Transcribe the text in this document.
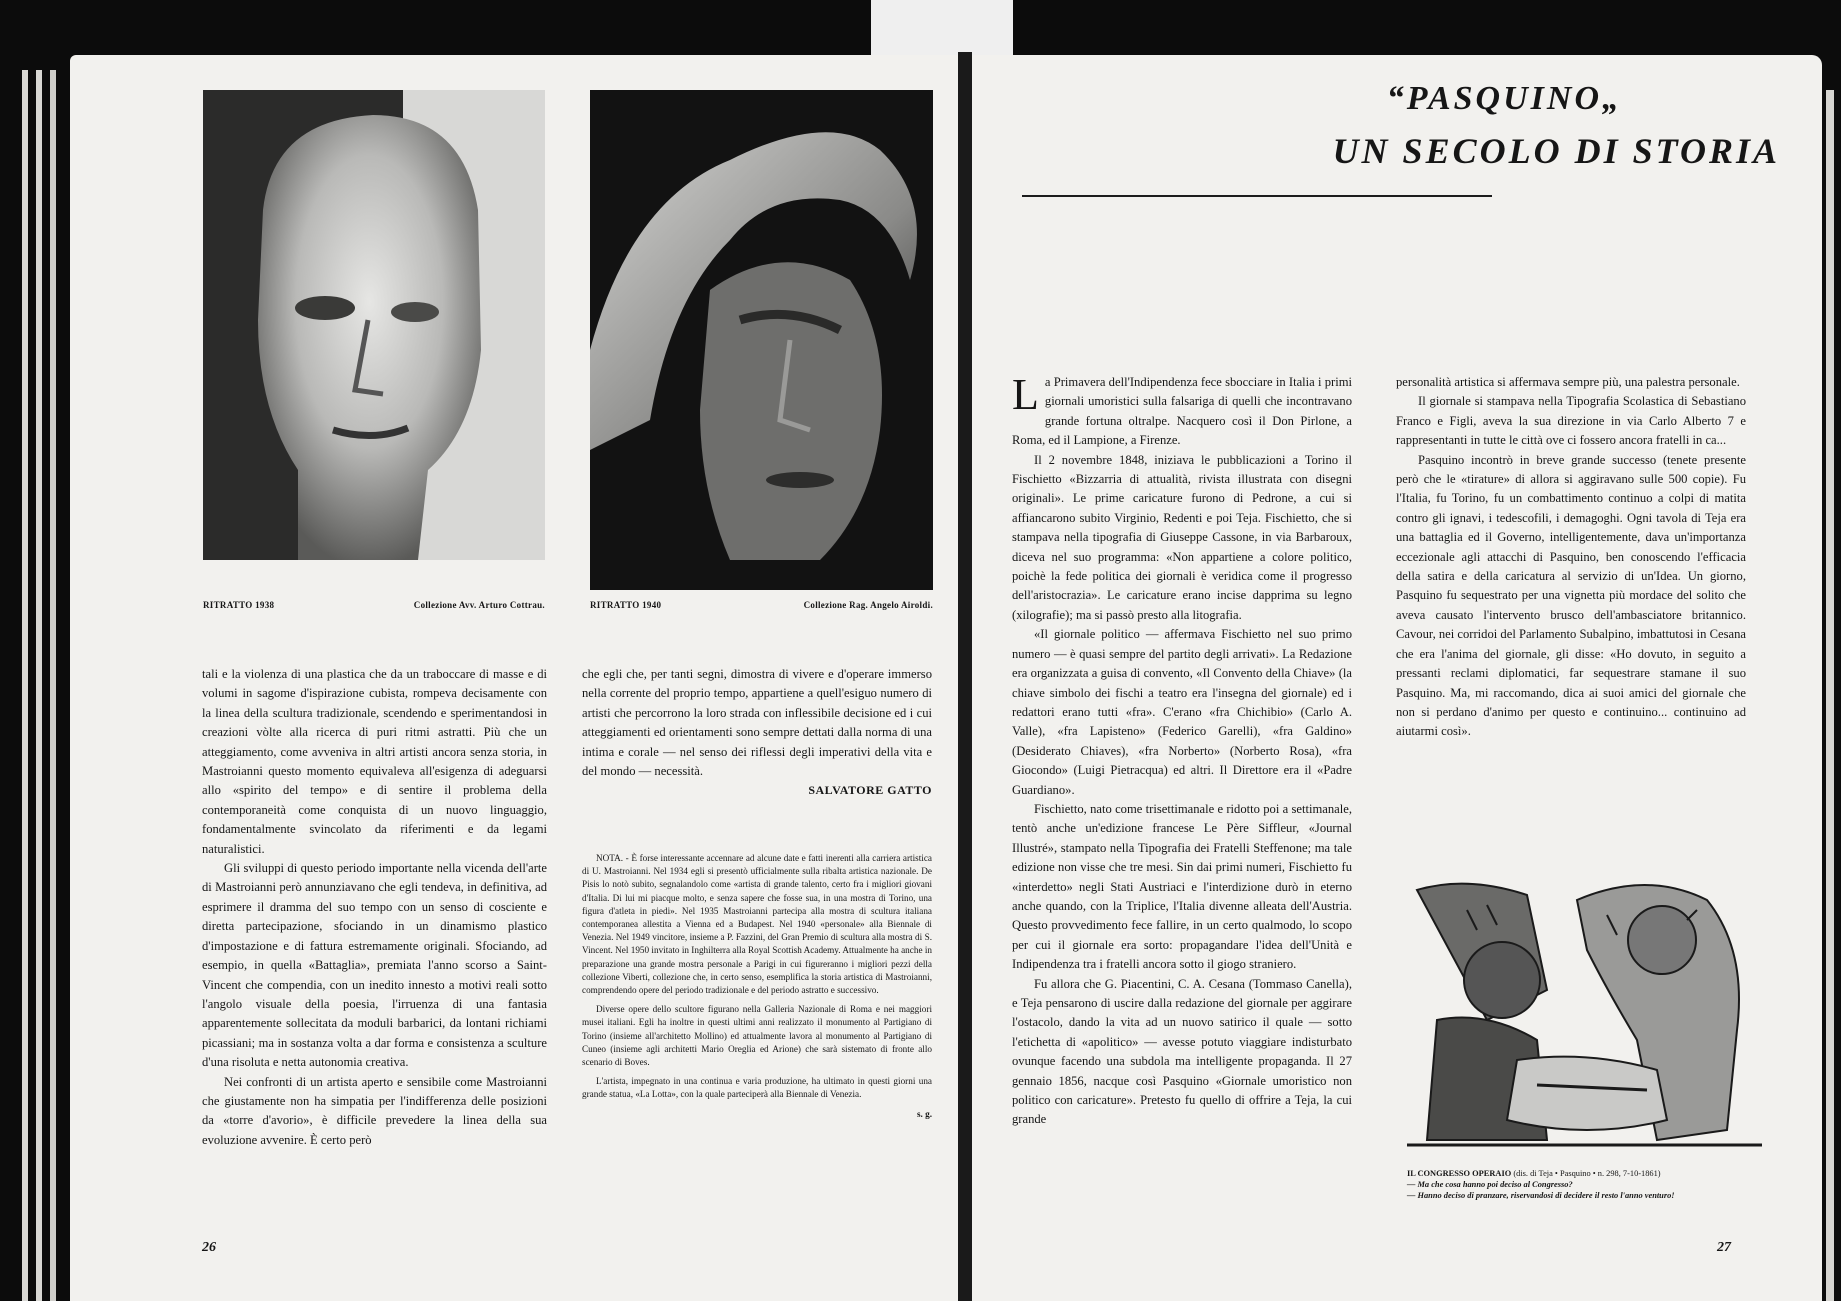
RITRATTO 1938	Collezione Avv. Arturo Cottrau.	RITRATTO 1940	Collezione Rag. Angelo Airoldi.

tali e la violenza di una plastica che da un traboccare di masse e di volumi in sagome d'ispirazione cubista, rompeva decisamente con la linea della scultura tradizionale, scendendo e sperimentandosi in creazioni vòlte alla ricerca di puri ritmi astratti. Più che un atteggiamento, come avveniva in altri artisti ancora senza storia, in Mastroianni questo momento equivaleva all'esigenza di adeguarsi allo «spirito del tempo» e di sentire il problema della contemporaneità come conquista di un nuovo linguaggio, fondamentalmente svincolato da riferimenti e da legami naturalistici.

Gli sviluppi di questo periodo importante nella vicenda dell'arte di Mastroianni però annunziavano che egli tendeva, in definitiva, ad esprimere il dramma del suo tempo con un senso di cosciente e diretta partecipazione, sfociando in un dinamismo plastico d'impostazione e di fattura estremamente originali. Sfociando, ad esempio, in quella «Battaglia», premiata l'anno scorso a Saint-Vincent che compendia, con un inedito innesto a motivi reali sotto l'angolo visuale della poesia, l'irruenza di una fantasia apparentemente sollecitata da moduli barbarici, da lontani richiami picassiani; ma in sostanza volta a dar forma e consistenza a sculture d'una risoluta e netta autonomia creativa.

Nei confronti di un artista aperto e sensibile come Mastroianni che giustamente non ha simpatia per l'indifferenza delle posizioni da «torre d'avorio», è difficile prevedere la linea della sua evoluzione avvenire. È certo però

che egli che, per tanti segni, dimostra di vivere e d'operare immerso nella corrente del proprio tempo, appartiene a quell'esiguo numero di artisti che percorrono la loro strada con inflessibile decisione ed i cui atteggiamenti ed orientamenti sono sempre dettati dalla norma di una intima e corale — nel senso dei riflessi degli imperativi della vita e del mondo — necessità.

SALVATORE GATTO

NOTA. - È forse interessante accennare ad alcune date e fatti inerenti alla carriera artistica di U. Mastroianni. Nel 1934 egli si presentò ufficialmente sulla ribalta artistica nazionale. De Pisis lo notò subito, segnalandolo come «artista di grande talento, certo fra i migliori giovani d'Italia. Di lui mi piacque molto, e senza sapere che fosse sua, in una mostra di Torino, una figura d'atleta in piedi». Nel 1935 Mastroianni partecipa alla mostra di scultura italiana contemporanea allestita a Vienna ed a Budapest. Nel 1940 «personale» alla Biennale di Venezia. Nel 1949 vincitore, insieme a P. Fazzini, del Gran Premio di scultura alla mostra di S. Vincent. Nel 1950 invitato in Inghilterra alla Royal Scottish Academy. Attualmente ha anche in preparazione una grande mostra personale a Parigi in cui figureranno i migliori pezzi della collezione Viberti, collezione che, in certo senso, esemplifica la storia artistica di Mastroianni, comprendendo opere del periodo tradizionale e del periodo astratto e successivo.

Diverse opere dello scultore figurano nella Galleria Nazionale di Roma e nei maggiori musei italiani. Egli ha inoltre in questi ultimi anni realizzato il monumento al Partigiano di Torino (insieme all'architetto Mollino) ed attualmente lavora al monumento al Partigiano di Cuneo (insieme agli architetti Mario Oreglia ed Arione) che sarà sistemato di fronte allo scenario di Boves.

L'artista, impegnato in una continua e varia produzione, ha ultimato in questi giorni una grande statua, «La Lotta», con la quale parteciperà alla Biennale di Venezia.

s. g.
26
“PASQUINO„
UN SECOLO DI STORIA

La Primavera dell'Indipendenza fece sbocciare in Italia i primi giornali umoristici sulla falsariga di quelli che incontravano grande fortuna oltralpe. Nacquero così il Don Pirlone, a Roma, ed il Lampione, a Firenze.

Il 2 novembre 1848, iniziava le pubblicazioni a Torino il Fischietto «Bizzarria di attualità, rivista illustrata con disegni originali». Le prime caricature furono di Pedrone, a cui si affiancarono subito Virginio, Redenti e poi Teja. Fischietto, che si stampava nella tipografia di Giuseppe Cassone, in via Barbaroux, diceva nel suo programma: «Non appartiene a colore politico, poichè la fede politica dei giornali è veridica come il progresso dell'aristocrazia». Le caricature erano incise dapprima su legno (xilografie); ma si passò presto alla litografia.

«Il giornale politico — affermava Fischietto nel suo primo numero — è quasi sempre del partito degli arrivati». La Redazione era organizzata a guisa di convento, «Il Convento della Chiave» (la chiave simbolo dei fischi a teatro era l'insegna del giornale) ed i redattori erano tutti «fra». C'erano «fra Chichibio» (Carlo A. Valle), «fra Lapisteno» (Federico Garelli), «fra Galdino» (Desiderato Chiaves), «fra Norberto» (Norberto Rosa), «fra Giocondo» (Luigi Pietracqua) ed altri. Il Direttore era il «Padre Guardiano».

Fischietto, nato come trisettimanale e ridotto poi a settimanale, tentò anche un'edizione francese Le Père Siffleur, «Journal Illustré», stampato nella Tipografia dei Fratelli Steffenone; ma tale edizione non visse che tre mesi. Sin dai primi numeri, Fischietto fu «interdetto» negli Stati Austriaci e l'interdizione durò in eterno anche quando, con la Triplice, l'Italia divenne alleata dell'Austria. Questo provvedimento fece fallire, in un certo qualmodo, lo scopo per cui il giornale era sorto: propagandare l'idea dell'Unità e Indipendenza tra i fratelli ancora sotto il giogo straniero.

Fu allora che G. Piacentini, C. A. Cesana (Tommaso Canella), e Teja pensarono di uscire dalla redazione del giornale per aggirare l'ostacolo, dando la vita ad un nuovo satirico il quale — sotto l'etichetta di «apolitico» — avesse potuto viaggiare indisturbato ovunque facendo una subdola ma intelligente propaganda. Il 27 gennaio 1856, nacque così Pasquino «Giornale umoristico non politico con caricature». Pretesto fu quello di offrire a Teja, la cui grande

personalità artistica si affermava sempre più, una palestra personale.

Il giornale si stampava nella Tipografia Scolastica di Sebastiano Franco e Figli, aveva la sua direzione in via Carlo Alberto 7 e rappresentanti in tutte le città ove ci fossero ancora fratelli in ca...

Pasquino incontrò in breve grande successo (tenete presente però che le «tirature» di allora si aggiravano sulle 500 copie). Fu l'Italia, fu Torino, fu un combattimento continuo a colpi di matita contro gli ignavi, i tedescofili, i demagoghi. Ogni tavola di Teja era una battaglia ed il Governo, intelligentemente, dava un'importanza eccezionale agli attacchi di Pasquino, ben conoscendo l'efficacia della satira e della caricatura al servizio di un'Idea. Un giorno, Pasquino fu sequestrato per una vignetta più mordace del solito che aveva causato l'intervento brusco dell'ambasciatore britannico. Cavour, nei corridoi del Parlamento Subalpino, imbattutosi in Cesana che era l'anima del giornale, gli disse: «Ho dovuto, in seguito a pressanti reclami diplomatici, far sequestrare stamane il suo Pasquino. Ma, mi raccomando, dica ai suoi amici del giornale che non si perdano d'animo per questo e continuino... continuino ad aiutarmi così».

27
IL CONGRESSO OPERAIO (dis. di Teja • Pasquino • n. 298, 7-10-1861)
— Ma che cosa hanno poi deciso al Congresso?
— Hanno deciso di pranzare, riservandosi di decidere il resto l'anno venturo!
